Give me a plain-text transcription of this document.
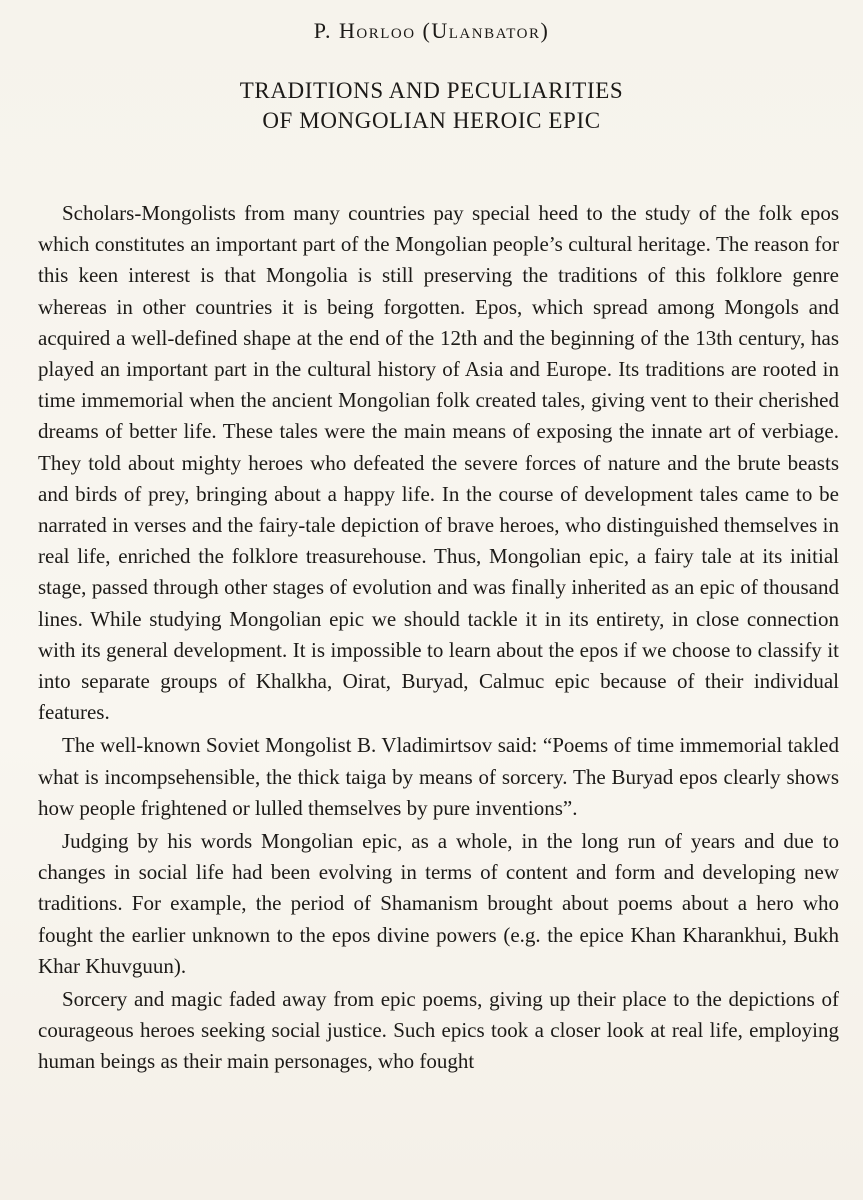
P. Horloo (Ulanbator)
TRADITIONS AND PECULIARITIES
OF MONGOLIAN HEROIC EPIC

Scholars-Mongolists from many countries pay special heed to the study of the folk epos which constitutes an important part of the Mongolian people’s cultural heritage. The reason for this keen interest is that Mongolia is still preserving the traditions of this folklore genre whereas in other countries it is being forgotten. Epos, which spread among Mongols and acquired a well-defined shape at the end of the 12th and the beginning of the 13th century, has played an important part in the cultural history of Asia and Europe. Its traditions are rooted in time immemorial when the ancient Mongolian folk created tales, giving vent to their cherished dreams of better life. These tales were the main means of exposing the innate art of verbiage. They told about mighty heroes who defeated the severe forces of nature and the brute beasts and birds of prey, bringing about a happy life. In the course of development tales came to be narrated in verses and the fairy-tale depiction of brave heroes, who distinguished themselves in real life, enriched the folklore treasurehouse. Thus, Mongolian epic, a fairy tale at its initial stage, passed through other stages of evolution and was finally inherited as an epic of thousand lines. While studying Mongolian epic we should tackle it in its entirety, in close connection with its general development. It is impossible to learn about the epos if we choose to classify it into separate groups of Khalkha, Oirat, Buryad, Calmuc epic because of their individual features.

The well-known Soviet Mongolist B. Vladimirtsov said: “Poems of time immemorial takled what is incompsehensible, the thick taiga by means of sorcery. The Buryad epos clearly shows how people frightened or lulled themselves by pure inventions”.

Judging by his words Mongolian epic, as a whole, in the long run of years and due to changes in social life had been evolving in terms of content and form and developing new traditions. For example, the period of Shamanism brought about poems about a hero who fought the earlier unknown to the epos divine powers (e.g. the epice Khan Kharankhui, Bukh Khar Khuvguun).

Sorcery and magic faded away from epic poems, giving up their place to the depictions of courageous heroes seeking social justice. Such epics took a closer look at real life, employing human beings as their main personages, who fought
